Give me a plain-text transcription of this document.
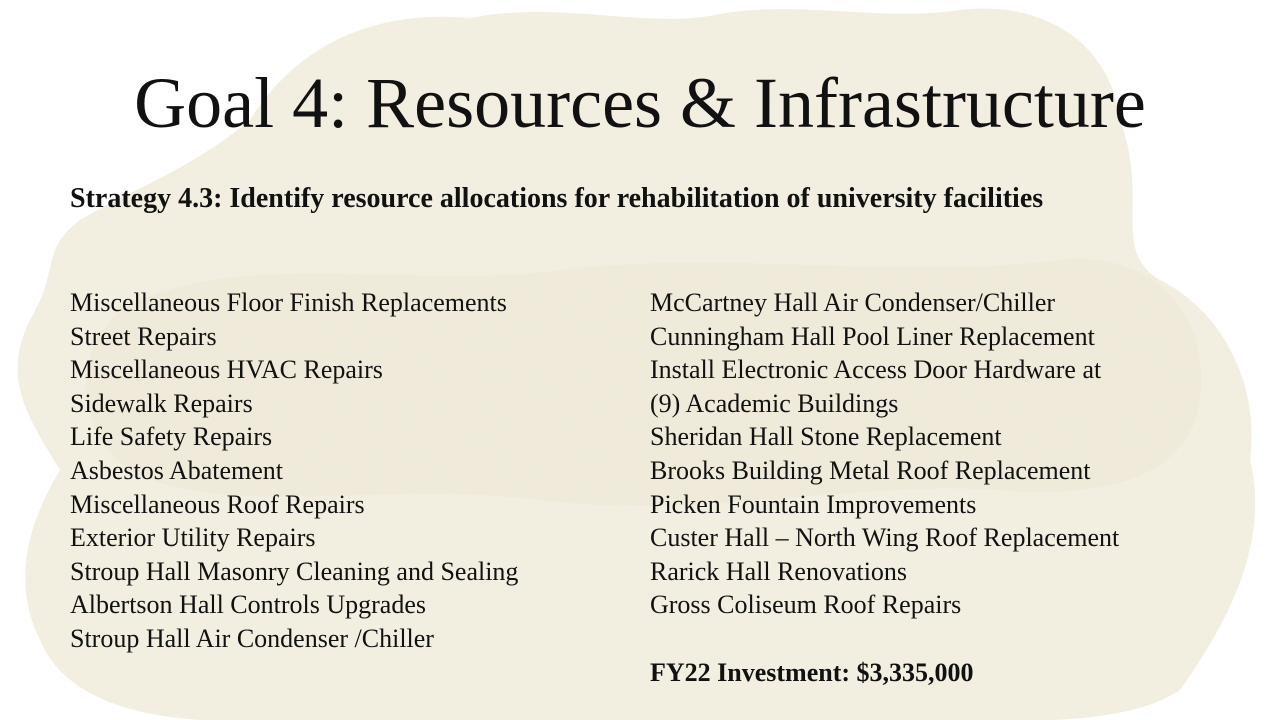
Goal 4: Resources & Infrastructure

Strategy 4.3: Identify resource allocations for rehabilitation of university facilities

Miscellaneous Floor Finish Replacements
Street Repairs
Miscellaneous HVAC Repairs
Sidewalk Repairs
Life Safety Repairs
Asbestos Abatement
Miscellaneous Roof Repairs
Exterior Utility Repairs
Stroup Hall Masonry Cleaning and Sealing
Albertson Hall Controls Upgrades
Stroup Hall Air Condenser /Chiller
McCartney Hall Air Condenser/Chiller
Cunningham Hall Pool Liner Replacement
Install Electronic Access Door Hardware at
(9) Academic Buildings
Sheridan Hall Stone Replacement
Brooks Building Metal Roof Replacement
Picken Fountain Improvements
Custer Hall – North Wing Roof Replacement
Rarick Hall Renovations
Gross Coliseum Roof Repairs
FY22 Investment: $3,335,000
